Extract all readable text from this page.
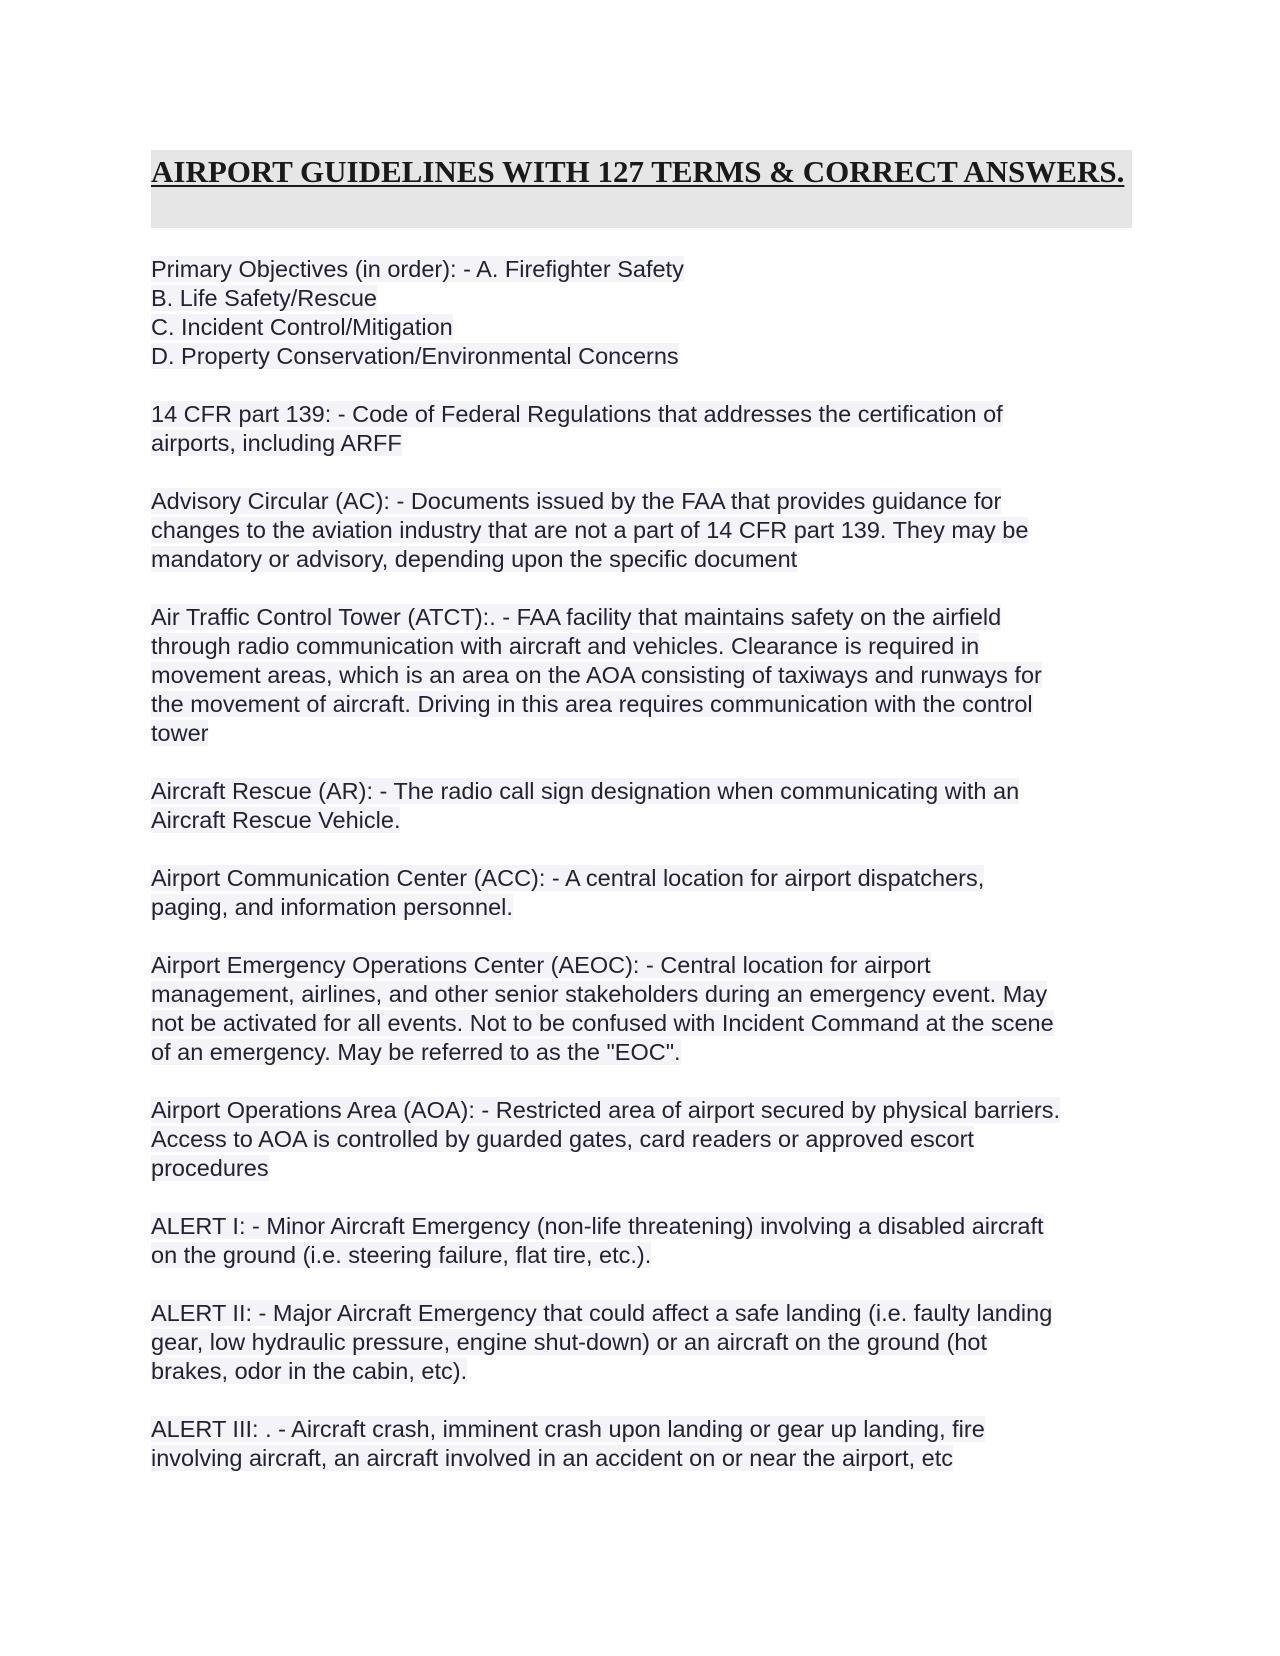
AIRPORT GUIDELINES WITH 127 TERMS & CORRECT ANSWERS.
Primary Objectives (in order): - A. Firefighter Safety
B. Life Safety/Rescue
C. Incident Control/Mitigation
D. Property Conservation/Environmental Concerns
14 CFR part 139: - Code of Federal Regulations that addresses the certification of
airports, including ARFF
Advisory Circular (AC): - Documents issued by the FAA that provides guidance for
changes to the aviation industry that are not a part of 14 CFR part 139. They may be
mandatory or advisory, depending upon the specific document
Air Traffic Control Tower (ATCT):. - FAA facility that maintains safety on the airfield
through radio communication with aircraft and vehicles. Clearance is required in
movement areas, which is an area on the AOA consisting of taxiways and runways for
the movement of aircraft. Driving in this area requires communication with the control
tower
Aircraft Rescue (AR): - The radio call sign designation when communicating with an
Aircraft Rescue Vehicle.
Airport Communication Center (ACC): - A central location for airport dispatchers,
paging, and information personnel.
Airport Emergency Operations Center (AEOC): - Central location for airport
management, airlines, and other senior stakeholders during an emergency event. May
not be activated for all events. Not to be confused with Incident Command at the scene
of an emergency. May be referred to as the "EOC".
Airport Operations Area (AOA): - Restricted area of airport secured by physical barriers.
Access to AOA is controlled by guarded gates, card readers or approved escort
procedures
ALERT I: - Minor Aircraft Emergency (non-life threatening) involving a disabled aircraft
on the ground (i.e. steering failure, flat tire, etc.).
ALERT II: - Major Aircraft Emergency that could affect a safe landing (i.e. faulty landing
gear, low hydraulic pressure, engine shut-down) or an aircraft on the ground (hot
brakes, odor in the cabin, etc).
ALERT III: . - Aircraft crash, imminent crash upon landing or gear up landing, fire
involving aircraft, an aircraft involved in an accident on or near the airport, etc
